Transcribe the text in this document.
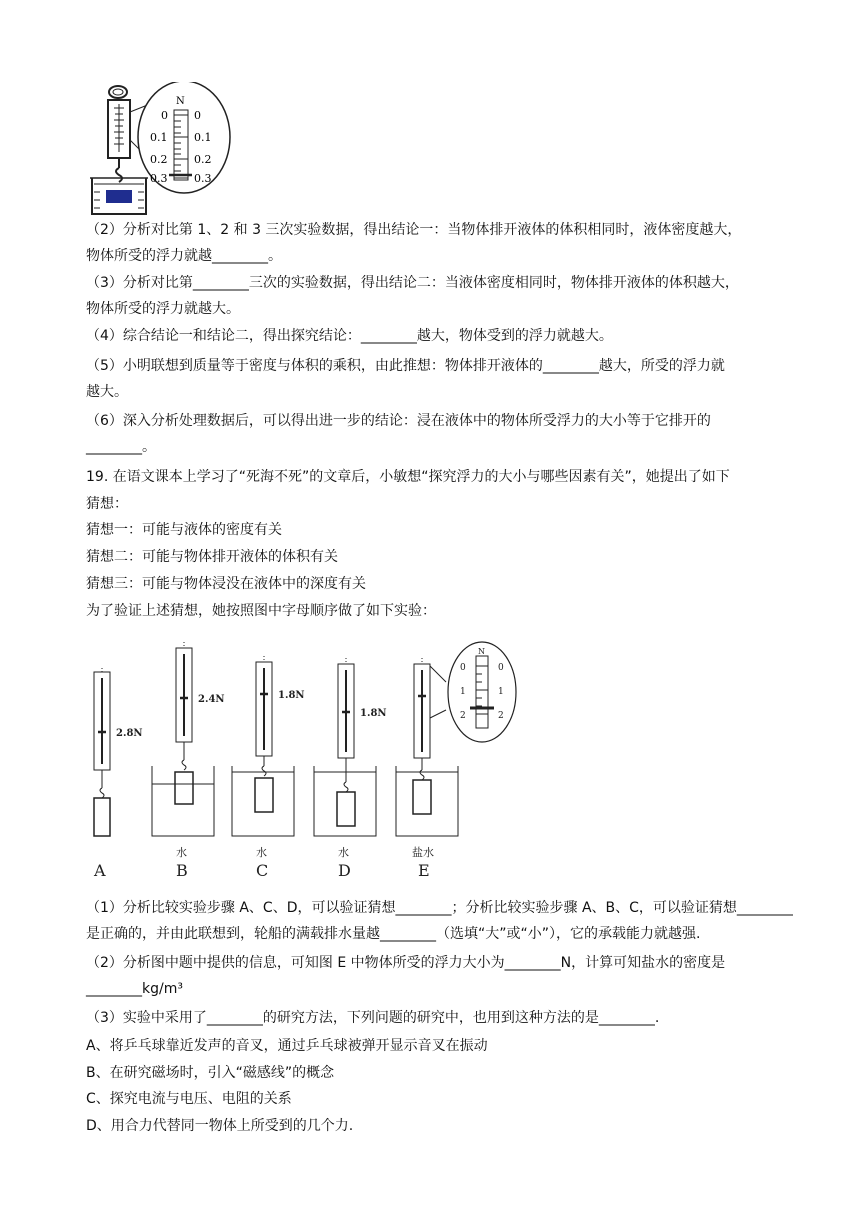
N
0
0.1
0.2
0.3
0
0.1
0.2
0.3
（2）分析对比第 1、2 和 3 三次实验数据，得出结论一：当物体排开液体的体积相同时，液体密度越大，
物体所受的浮力就越________。
（3）分析对比第________三次的实验数据，得出结论二：当液体密度相同时，物体排开液体的体积越大，
物体所受的浮力就越大。
（4）综合结论一和结论二，得出探究结论：________越大，物体受到的浮力就越大。
（5）小明联想到质量等于密度与体积的乘积，由此推想：物体排开液体的________越大，所受的浮力就
越大。
（6）深入分析处理数据后，可以得出进一步的结论：浸在液体中的物体所受浮力的大小等于它排开的
________。
19. 在语文课本上学习了“死海不死”的文章后，小敏想“探究浮力的大小与哪些因素有关”，她提出了如下
猜想：
猜想一：可能与液体的密度有关
猜想二：可能与物体排开液体的体积有关
猜想三：可能与物体浸没在液体中的深度有关
为了验证上述猜想，她按照图中字母顺序做了如下实验：
2.8N
2.4N	1.8N
1.8N
N
0
1
2
0
1
2
水	水	水	盐水
A	B	C	D	E
（1）分析比较实验步骤 A、C、D，可以验证猜想________；分析比较实验步骤 A、B、C，可以验证猜想________
是正确的，并由此联想到，轮船的满载排水量越________（选填“大”或“小”），它的承载能力就越强.
（2）分析图中题中提供的信息，可知图 E 中物体所受的浮力大小为________N，计算可知盐水的密度是
________kg/m³
（3）实验中采用了________的研究方法，下列问题的研究中，也用到这种方法的是________.
A、将乒乓球靠近发声的音叉，通过乒乓球被弹开显示音叉在振动
B、在研究磁场时，引入“磁感线”的概念
C、探究电流与电压、电阻的关系
D、用合力代替同一物体上所受到的几个力.
